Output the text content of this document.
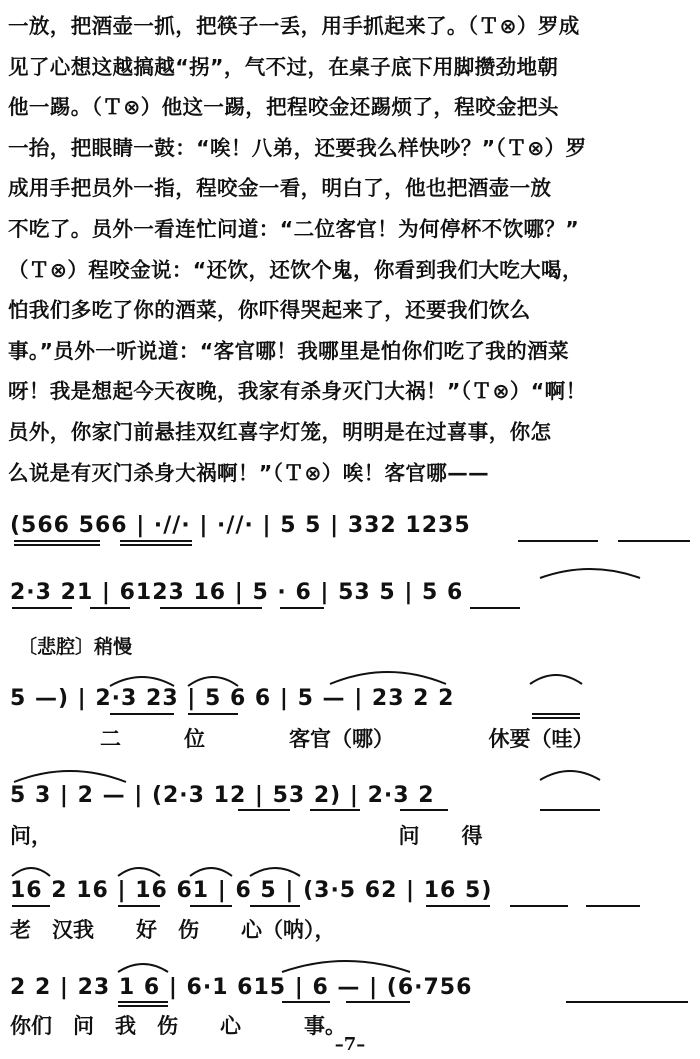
一放，把酒壶一抓，把筷子一丢，用手抓起来了。（Ｔ⊗）罗成
见了心想这越搞越“拐”，气不过，在桌子底下用脚攒劲地朝
他一踢。（Ｔ⊗）他这一踢，把程咬金还踢烦了，程咬金把头
一抬，把眼睛一鼓：“唉！八弟，还要我么样快吵？”（Ｔ⊗）罗
成用手把员外一指，程咬金一看，明白了，他也把酒壶一放
不吃了。员外一看连忙问道：“二位客官！为何停杯不饮哪？”
（Ｔ⊗）程咬金说：“还饮，还饮个鬼，你看到我们大吃大喝，
怕我们多吃了你的酒菜，你吓得哭起来了，还要我们饮么
事。”员外一听说道：“客官哪！我哪里是怕你们吃了我的酒菜
呀！我是想起今天夜晚，我家有杀身灭门大祸！”（Ｔ⊗）“啊！
员外，你家门前悬挂双红喜字灯笼，明明是在过喜事，你怎
么说是有灭门杀身大祸啊！”（Ｔ⊗）唉！客官哪——
(566 566 | ∙//∙ | ∙//∙ | 5 5 | 332 1235
2·3 21 | 6123 16 | 5 · 6 | 53 5 | 5 6
〔悲腔〕稍慢
5 —) | 2·3 23 | 5 6 6 | 5 — | 23 2 2
二　　　位　　　　客官（哪）　　　　　休要（哇）
5 3 | 2 — | (2·3 12 | 53 2) | 2·3 2
问，　　　　　　　　　　　　　　　　　问　　得
16 2 16 | 16 61 | 6 5 | (3·5 62 | 16 5)
老　汉我　　好　伤　　心（呐），
2 2 | 23 1 6 | 6·1 615 | 6 — | (6·756
你们　问　我　伤　　心　　　事。
–7–
